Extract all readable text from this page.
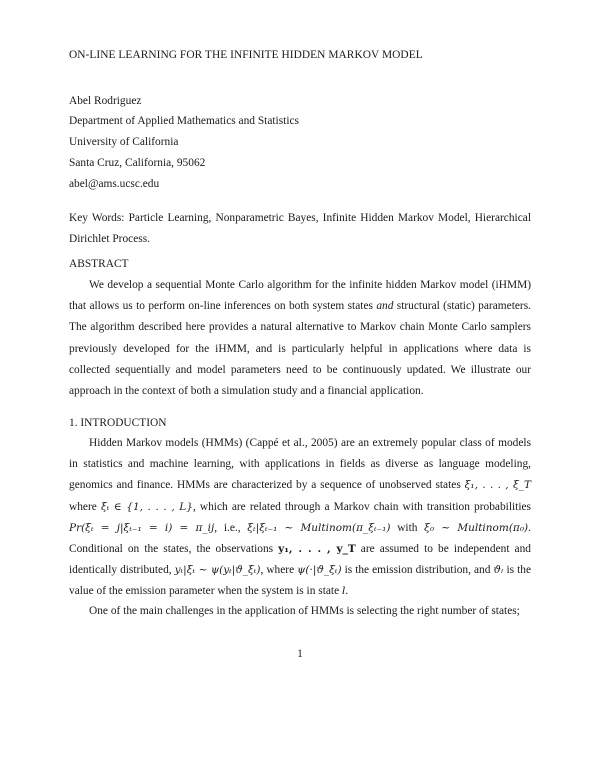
ON-LINE LEARNING FOR THE INFINITE HIDDEN MARKOV MODEL
Abel Rodriguez
Department of Applied Mathematics and Statistics
University of California
Santa Cruz, California, 95062
abel@ams.ucsc.edu
Key Words: Particle Learning, Nonparametric Bayes, Infinite Hidden Markov Model, Hierarchical Dirichlet Process.
ABSTRACT
We develop a sequential Monte Carlo algorithm for the infinite hidden Markov model (iHMM) that allows us to perform on-line inferences on both system states and structural (static) parameters. The algorithm described here provides a natural alternative to Markov chain Monte Carlo samplers previously developed for the iHMM, and is particularly helpful in applications where data is collected sequentially and model parameters need to be continuously updated. We illustrate our approach in the context of both a simulation study and a financial application.
1. INTRODUCTION
Hidden Markov models (HMMs) (Cappé et al., 2005) are an extremely popular class of models in statistics and machine learning, with applications in fields as diverse as language modeling, genomics and finance. HMMs are characterized by a sequence of unobserved states ξ₁, . . . , ξ_T where ξₜ ∈ {1, . . . , L}, which are related through a Markov chain with transition probabilities Pr(ξₜ = j|ξₜ₋₁ = i) = π_ij, i.e., ξₜ|ξₜ₋₁ ∼ Multinom(π_ξₜ₋₁) with ξ₀ ∼ Multinom(π₀). Conditional on the states, the observations y₁, . . . , y_T are assumed to be independent and identically distributed, yₜ|ξₜ ∼ ψ(yₜ|ϑ_ξₜ), where ψ(·|ϑ_ξₜ) is the emission distribution, and ϑₗ is the value of the emission parameter when the system is in state l.
One of the main challenges in the application of HMMs is selecting the right number of states;
1
